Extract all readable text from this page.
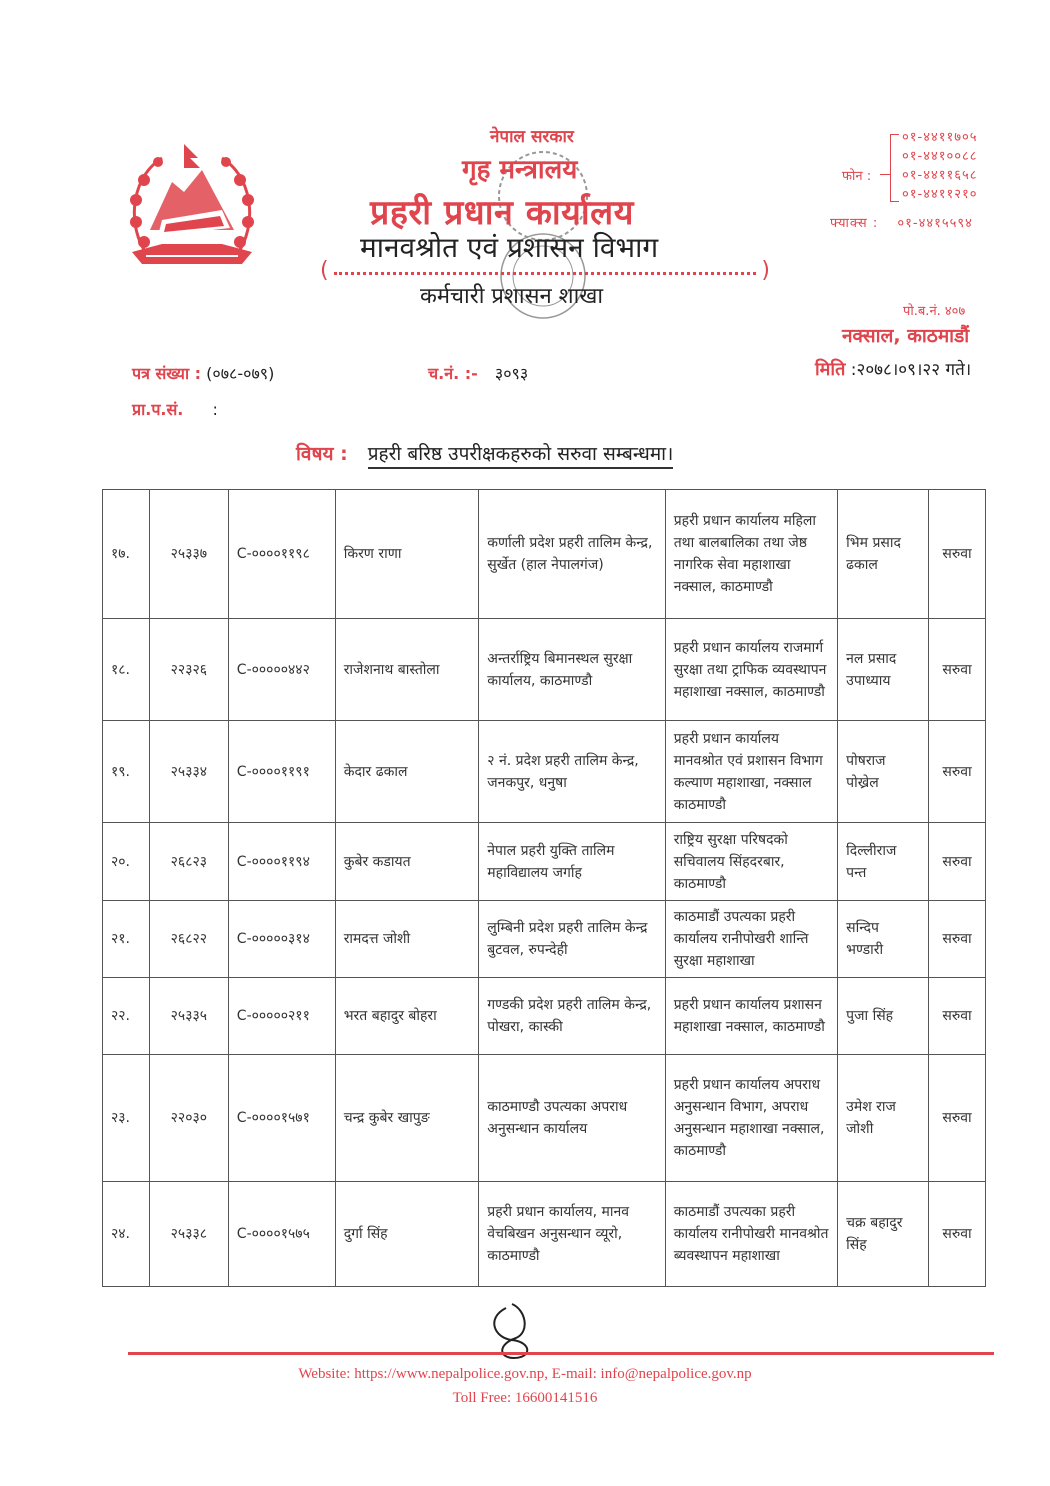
नेपाल सरकार
गृह मन्त्रालय
प्रहरी प्रधान कार्यालय
मानवश्रोत एवं प्रशासन विभाग
(	)
कर्मचारी प्रशासन शाखा
फोन :
०१-४४११७०५
०१-४४१००८८
०१-४४११६५८
०१-४४११२१०
फ्याक्स : ०१-४४१५५९४
पो.ब.नं. ४०७
नक्साल, काठमाडौं
मिति :२०७८।०९।२२ गते।
पत्र संख्या : (०७८-०७९)	च.नं. :- ३०९३
प्रा.प.सं. :
विषय : प्रहरी बरिष्ठ उपरीक्षकहरुको सरुवा सम्बन्धमा।
१७.	२५३३७	C-००००११९८	किरण राणा	कर्णाली प्रदेश प्रहरी तालिम केन्द्र, सुर्खेत (हाल नेपालगंज)	प्रहरी प्रधान कार्यालय महिला तथा बालबालिका तथा जेष्ठ नागरिक सेवा महाशाखा नक्साल, काठमाण्डौ	भिम प्रसाद ढकाल	सरुवा
१८.	२२३२६	C-०००००४४२	राजेशनाथ बास्तोला	अन्तर्राष्ट्रिय बिमानस्थल सुरक्षा कार्यालय, काठमाण्डौ	प्रहरी प्रधान कार्यालय राजमार्ग सुरक्षा तथा ट्राफिक व्यवस्थापन महाशाखा नक्साल, काठमाण्डौ	नल प्रसाद उपाध्याय	सरुवा
१९.	२५३३४	C-००००११९१	केदार ढकाल	२ नं. प्रदेश प्रहरी तालिम केन्द्र, जनकपुर, धनुषा	प्रहरी प्रधान कार्यालय मानवश्रोत एवं प्रशासन विभाग कल्याण महाशाखा, नक्साल काठमाण्डौ	पोषराज पोख्रेल	सरुवा
२०.	२६८२३	C-००००११९४	कुबेर कडायत	नेपाल प्रहरी युक्ति तालिम महाविद्यालय जर्गाह	राष्ट्रिय सुरक्षा परिषदको सचिवालय सिंहदरबार, काठमाण्डौ	दिल्लीराज पन्त	सरुवा
२१.	२६८२२	C-०००००३१४	रामदत्त जोशी	लुम्बिनी प्रदेश प्रहरी तालिम केन्द्र बुटवल, रुपन्देही	काठमाडौं उपत्यका प्रहरी कार्यालय रानीपोखरी शान्ति सुरक्षा महाशाखा	सन्दिप भण्डारी	सरुवा
२२.	२५३३५	C-०००००२११	भरत बहादुर बोहरा	गण्डकी प्रदेश प्रहरी तालिम केन्द्र, पोखरा, कास्की	प्रहरी प्रधान कार्यालय प्रशासन महाशाखा नक्साल, काठमाण्डौ	पुजा सिंह	सरुवा
२३.	२२०३०	C-००००१५७१	चन्द्र कुबेर खापुङ	काठमाण्डौ उपत्यका अपराध अनुसन्धान कार्यालय	प्रहरी प्रधान कार्यालय अपराध अनुसन्धान विभाग, अपराध अनुसन्धान महाशाखा नक्साल, काठमाण्डौ	उमेश राज जोशी	सरुवा
२४.	२५३३८	C-००००१५७५	दुर्गा सिंह	प्रहरी प्रधान कार्यालय, मानव वेचबिखन अनुसन्धान व्यूरो, काठमाण्डौ	काठमाडौं उपत्यका प्रहरी कार्यालय रानीपोखरी मानवश्रोत ब्यवस्थापन महाशाखा	चक्र बहादुर सिंह	सरुवा
Website: https://www.nepalpolice.gov.np, E-mail: info@nepalpolice.gov.np
Toll Free: 16600141516
